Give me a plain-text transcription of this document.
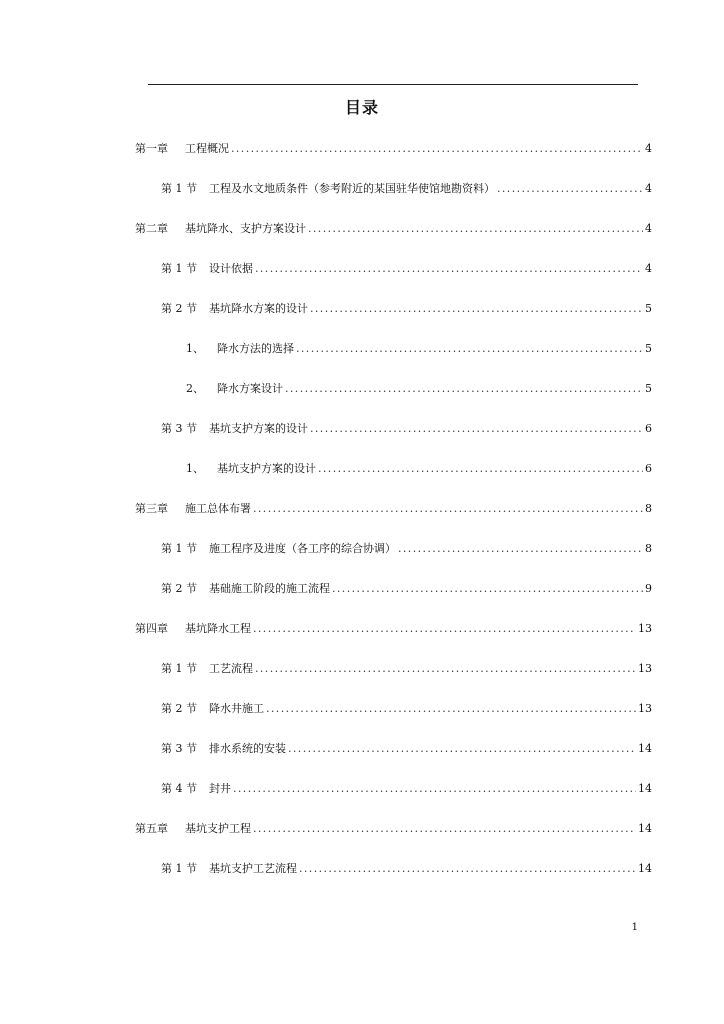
目录
第一章	工程概况 .....	4
第 1 节	工程及水文地质条件（参考附近的某国驻华使馆地勘资料） .....	4
第二章	基坑降水、支护方案设计 .....	4
第 1 节	设计依据 .....	4
第 2 节	基坑降水方案的设计 .....	5
1、	降水方法的选择 .....	5
2、	降水方案设计 .....	5
第 3 节	基坑支护方案的设计 .....	6
1、	基坑支护方案的设计 .....	6
第三章	施工总体布署 .....	8
第 1 节	施工程序及进度（各工序的综合协调） .....	8
第 2 节	基础施工阶段的施工流程 .....	9
第四章	基坑降水工程 .....	13
第 1 节	工艺流程 .....	13
第 2 节	降水井施工 .....	13
第 3 节	排水系统的安装 .....	14
第 4 节	封井 .....	14
第五章	基坑支护工程 .....	14
第 1 节	基坑支护工艺流程 .....	14
1
